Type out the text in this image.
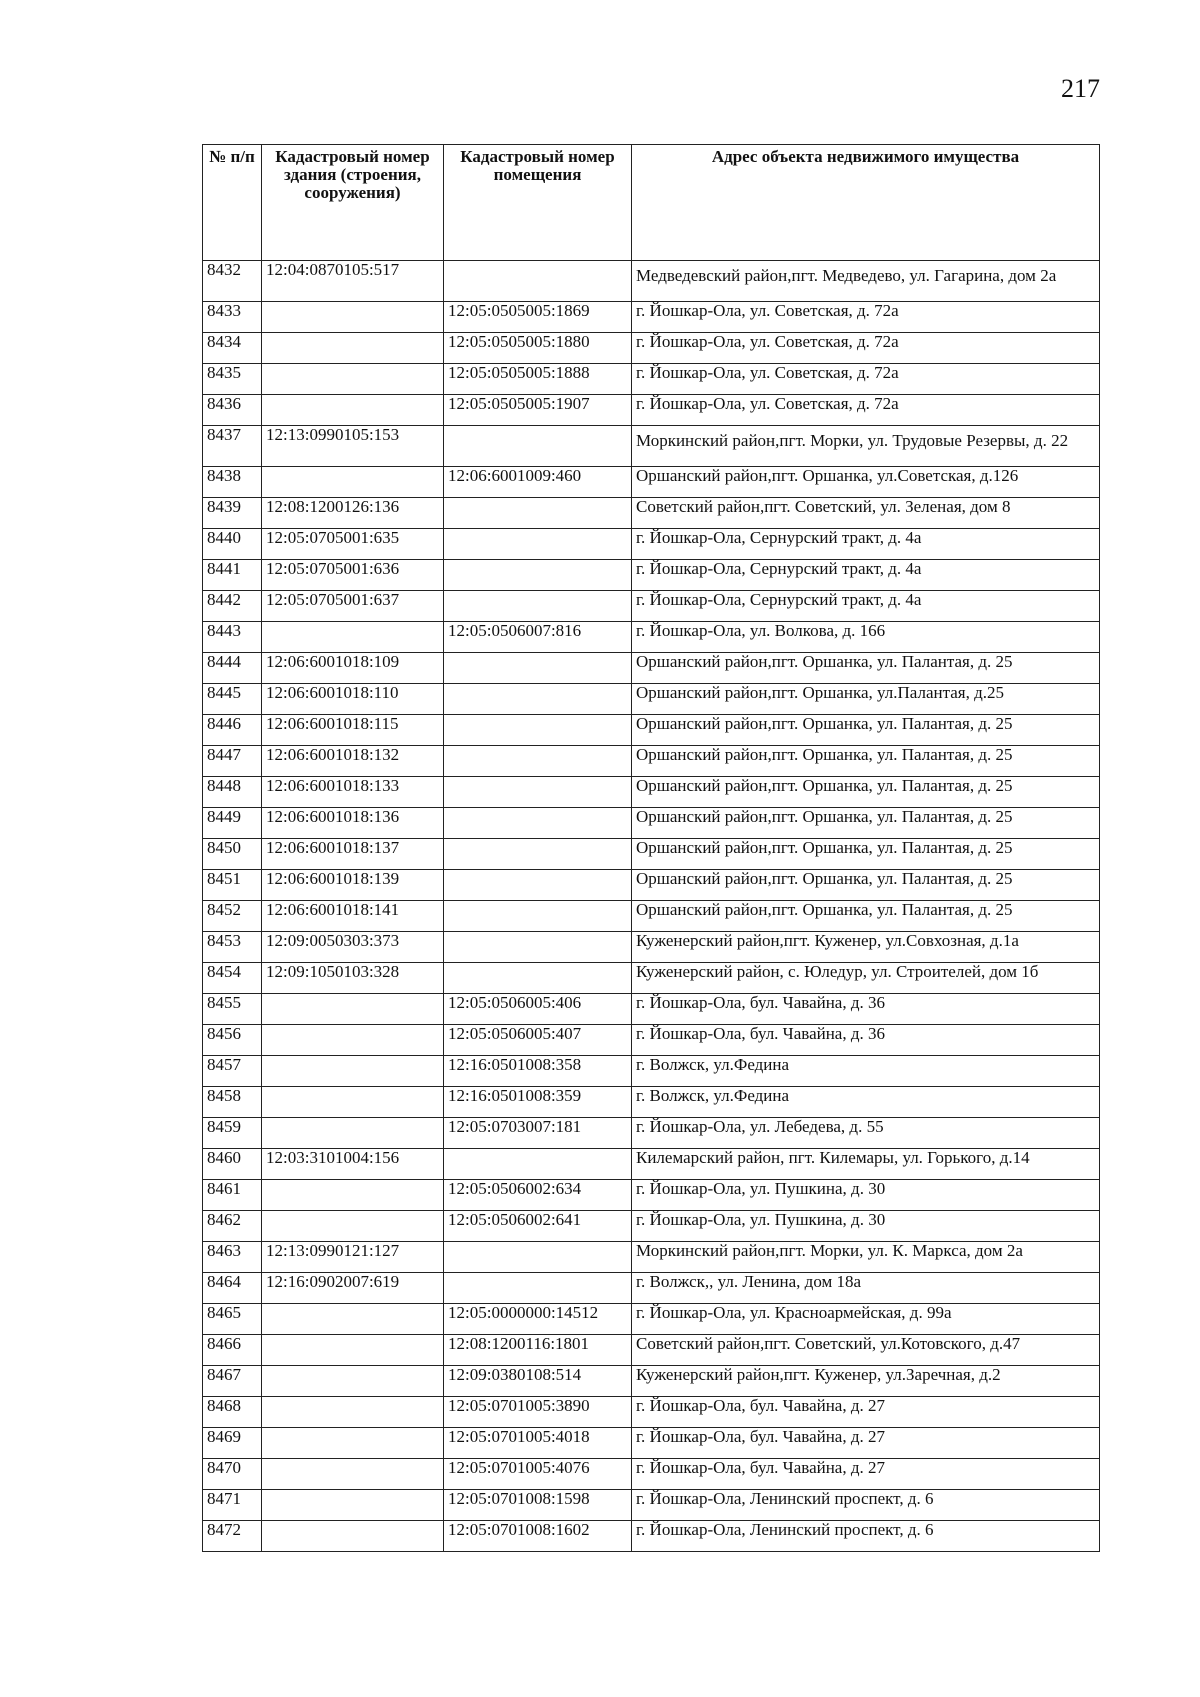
217
№ п/п	Кадастровый номер здания (строения, сооружения)	Кадастровый номер помещения	Адрес объекта недвижимого имущества
8432	12:04:0870105:517		Медведевский район,пгт. Медведево, ул. Гагарина, дом 2а
8433		12:05:0505005:1869	г. Йошкар-Ола, ул. Советская, д. 72а
8434		12:05:0505005:1880	г. Йошкар-Ола, ул. Советская, д. 72а
8435		12:05:0505005:1888	г. Йошкар-Ола, ул. Советская, д. 72а
8436		12:05:0505005:1907	г. Йошкар-Ола, ул. Советская, д. 72а
8437	12:13:0990105:153		Моркинский район,пгт. Морки, ул. Трудовые Резервы, д. 22
8438		12:06:6001009:460	Оршанский район,пгт. Оршанка, ул.Советская, д.126
8439	12:08:1200126:136		Советский район,пгт. Советский, ул. Зеленая, дом 8
8440	12:05:0705001:635		г. Йошкар-Ола, Сернурский тракт, д. 4а
8441	12:05:0705001:636		г. Йошкар-Ола, Сернурский тракт, д. 4а
8442	12:05:0705001:637		г. Йошкар-Ола, Сернурский тракт, д. 4а
8443		12:05:0506007:816	г. Йошкар-Ола, ул. Волкова, д. 166
8444	12:06:6001018:109		Оршанский район,пгт. Оршанка, ул. Палантая, д. 25
8445	12:06:6001018:110		Оршанский район,пгт. Оршанка, ул.Палантая, д.25
8446	12:06:6001018:115		Оршанский район,пгт. Оршанка, ул. Палантая, д. 25
8447	12:06:6001018:132		Оршанский район,пгт. Оршанка, ул. Палантая, д. 25
8448	12:06:6001018:133		Оршанский район,пгт. Оршанка, ул. Палантая, д. 25
8449	12:06:6001018:136		Оршанский район,пгт. Оршанка, ул. Палантая, д. 25
8450	12:06:6001018:137		Оршанский район,пгт. Оршанка, ул. Палантая, д. 25
8451	12:06:6001018:139		Оршанский район,пгт. Оршанка, ул. Палантая, д. 25
8452	12:06:6001018:141		Оршанский район,пгт. Оршанка, ул. Палантая, д. 25
8453	12:09:0050303:373		Куженерский район,пгт. Куженер, ул.Совхозная, д.1а
8454	12:09:1050103:328		Куженерский район, с. Юледур, ул. Строителей, дом 1б
8455		12:05:0506005:406	г. Йошкар-Ола, бул. Чавайна, д. 36
8456		12:05:0506005:407	г. Йошкар-Ола, бул. Чавайна, д. 36
8457		12:16:0501008:358	г. Волжск, ул.Федина
8458		12:16:0501008:359	г. Волжск, ул.Федина
8459		12:05:0703007:181	г. Йошкар-Ола, ул. Лебедева, д. 55
8460	12:03:3101004:156		Килемарский район, пгт. Килемары, ул. Горького, д.14
8461		12:05:0506002:634	г. Йошкар-Ола, ул. Пушкина, д. 30
8462		12:05:0506002:641	г. Йошкар-Ола, ул. Пушкина, д. 30
8463	12:13:0990121:127		Моркинский район,пгт. Морки, ул. К. Маркса, дом 2а
8464	12:16:0902007:619		г. Волжск,, ул. Ленина, дом 18а
8465		12:05:0000000:14512	г. Йошкар-Ола, ул. Красноармейская, д. 99а
8466		12:08:1200116:1801	Советский район,пгт. Советский, ул.Котовского, д.47
8467		12:09:0380108:514	Куженерский район,пгт. Куженер, ул.Заречная, д.2
8468		12:05:0701005:3890	г. Йошкар-Ола, бул. Чавайна, д. 27
8469		12:05:0701005:4018	г. Йошкар-Ола, бул. Чавайна, д. 27
8470		12:05:0701005:4076	г. Йошкар-Ола, бул. Чавайна, д. 27
8471		12:05:0701008:1598	г. Йошкар-Ола, Ленинский проспект, д. 6
8472		12:05:0701008:1602	г. Йошкар-Ола, Ленинский проспект, д. 6
